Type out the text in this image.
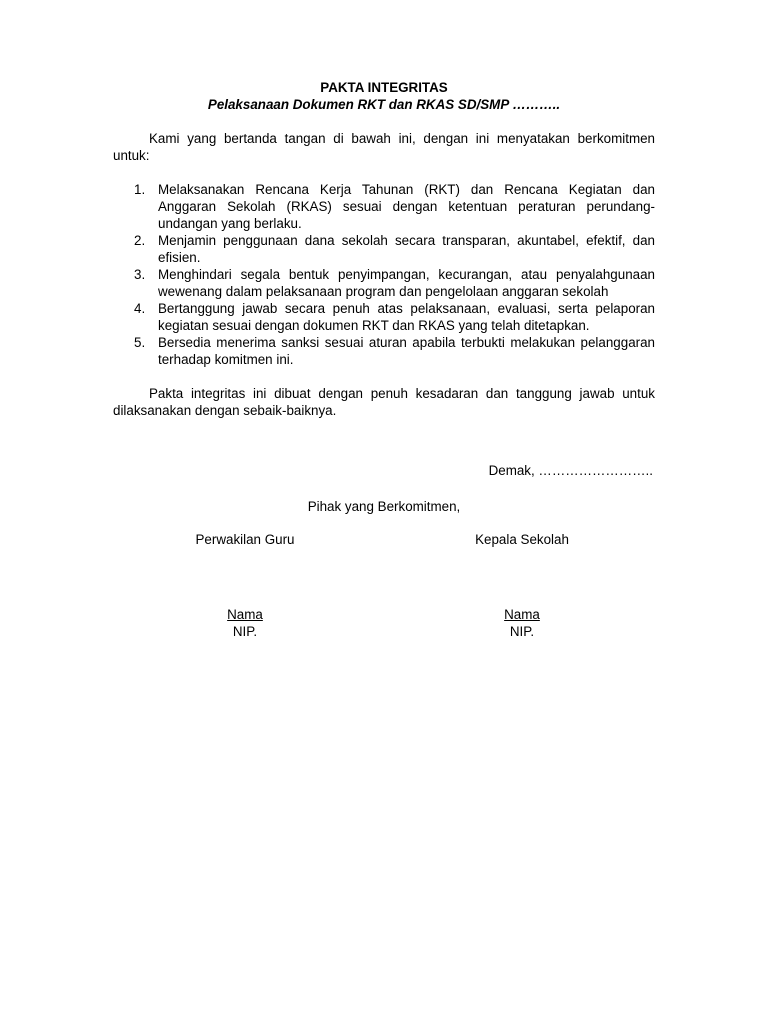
PAKTA INTEGRITAS

Pelaksanaan Dokumen RKT dan RKAS SD/SMP ………..

Kami yang bertanda tangan di bawah ini, dengan ini menyatakan berkomitmen untuk:

1. Melaksanakan Rencana Kerja Tahunan (RKT) dan Rencana Kegiatan dan Anggaran Sekolah (RKAS) sesuai dengan ketentuan peraturan perundang-undangan yang berlaku.
2. Menjamin penggunaan dana sekolah secara transparan, akuntabel, efektif, dan efisien.
3. Menghindari segala bentuk penyimpangan, kecurangan, atau penyalahgunaan wewenang dalam pelaksanaan program dan pengelolaan anggaran sekolah
4. Bertanggung jawab secara penuh atas pelaksanaan, evaluasi, serta pelaporan kegiatan sesuai dengan dokumen RKT dan RKAS yang telah ditetapkan.
5. Bersedia menerima sanksi sesuai aturan apabila terbukti melakukan pelanggaran terhadap komitmen ini.

Pakta integritas ini dibuat dengan penuh kesadaran dan tanggung jawab untuk dilaksanakan dengan sebaik-baiknya.

Demak, ……………………..

Pihak yang Berkomitmen,

Perwakilan Guru	Kepala Sekolah
Nama	Nama
NIP.	NIP.
